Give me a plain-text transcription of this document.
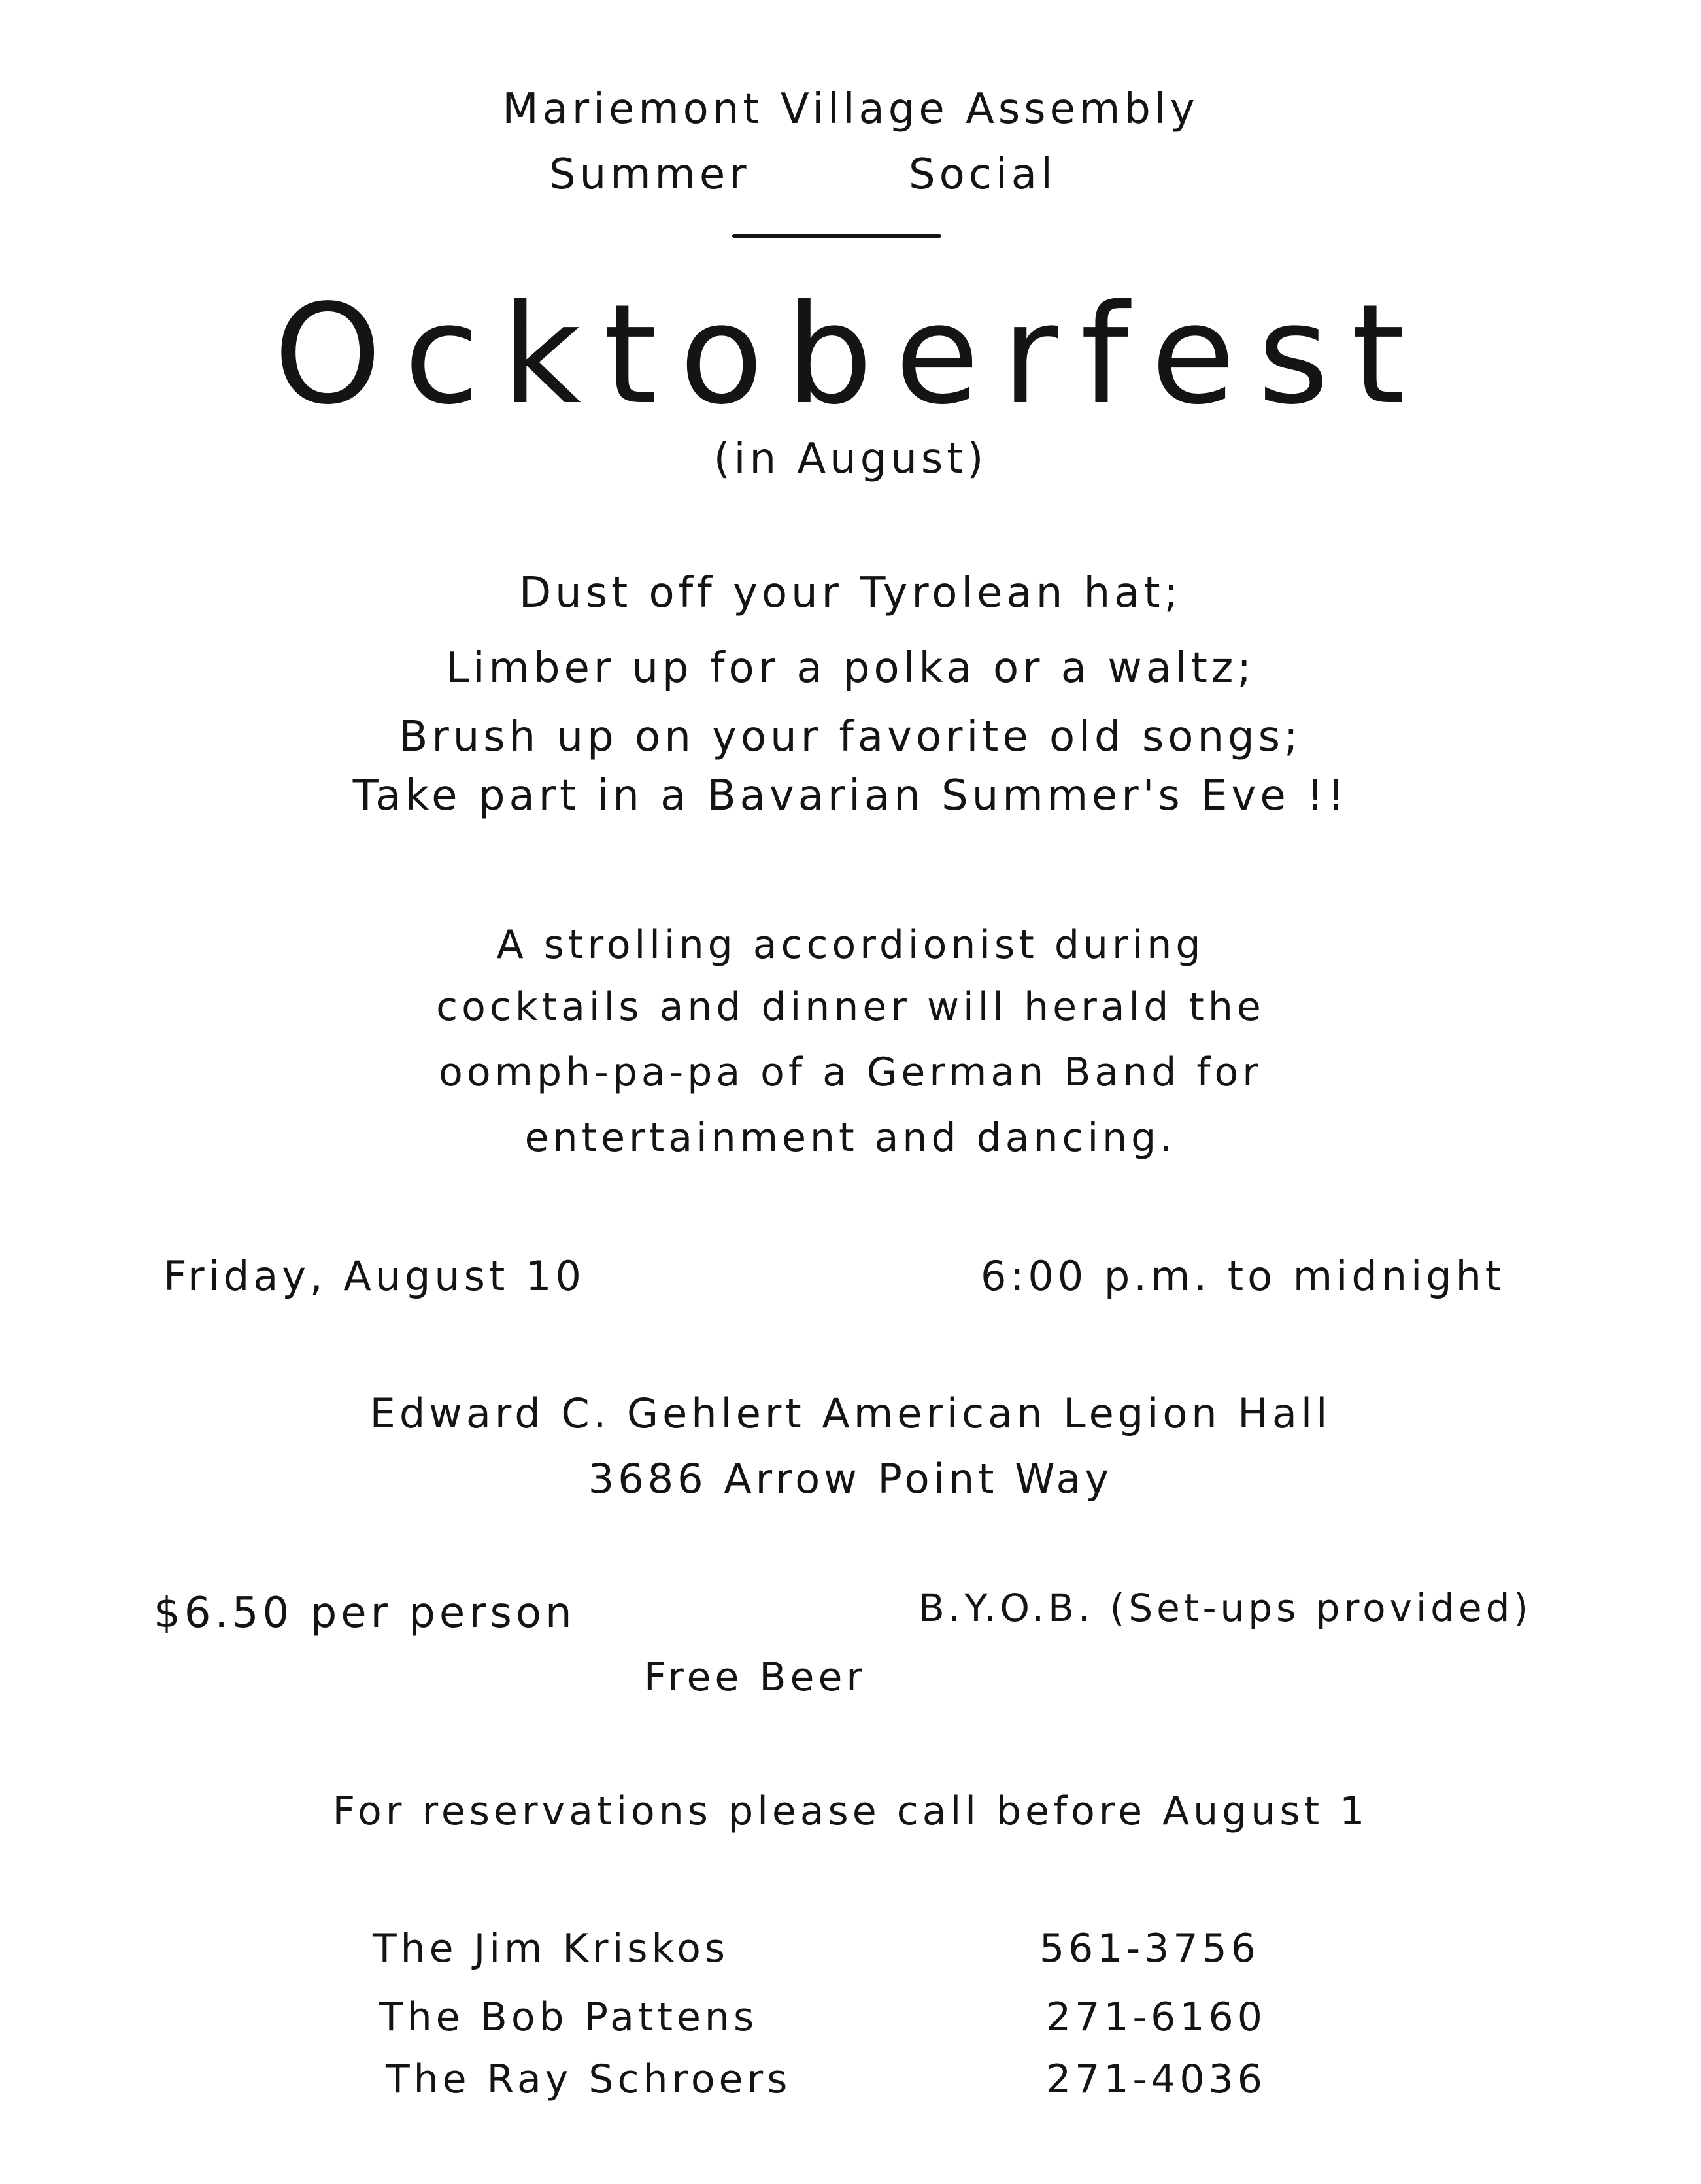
Mariemont Village Assembly
Summer	Social
Ocktoberfest
(in August)
Dust off your Tyrolean hat;
Limber up for a polka or a waltz;
Brush up on your favorite old songs;
Take part in a Bavarian Summer's Eve !!
A strolling accordionist during
cocktails and dinner will herald the
oomph-pa-pa of a German Band for
entertainment and dancing.
Friday, August 10	6:00 p.m. to midnight
Edward C. Gehlert American Legion Hall
3686 Arrow Point Way
$6.50 per person	B.Y.O.B. (Set-ups provided)
Free Beer
For reservations please call before August 1
The Jim Kriskos	561-3756
The Bob Pattens	271-6160
The Ray Schroers	271-4036
